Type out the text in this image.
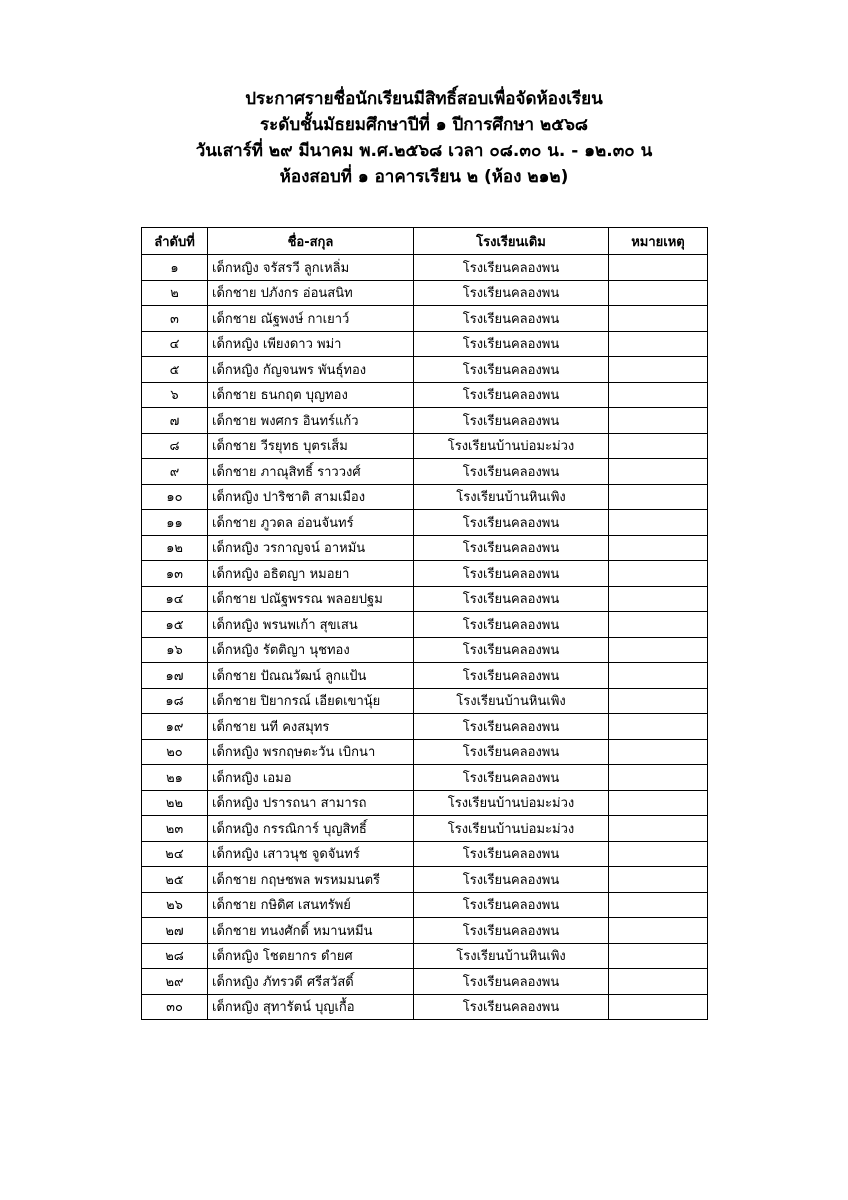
ประกาศรายชื่อนักเรียนมีสิทธิ์สอบเพื่อจัดห้องเรียน
ระดับชั้นมัธยมศึกษาปีที่ ๑ ปีการศึกษา ๒๕๖๘
วันเสาร์ที่ ๒๙ มีนาคม พ.ศ.๒๕๖๘ เวลา ๐๘.๓๐ น. - ๑๒.๓๐ น
ห้องสอบที่ ๑ อาคารเรียน ๒ (ห้อง ๒๑๒)
ลำดับที่	ชื่อ-สกุล	โรงเรียนเดิม	หมายเหตุ
๑	เด็กหญิง จรัสรวี ลูกเหลิ่ม	โรงเรียนคลองพน	
๒	เด็กชาย ปภังกร อ่อนสนิท	โรงเรียนคลองพน	
๓	เด็กชาย ณัฐพงษ์ กาเยาว์	โรงเรียนคลองพน	
๔	เด็กหญิง เพียงดาว พม่า	โรงเรียนคลองพน	
๕	เด็กหญิง กัญจนพร พันธุ์ทอง	โรงเรียนคลองพน	
๖	เด็กชาย ธนกฤต บุญทอง	โรงเรียนคลองพน	
๗	เด็กชาย พงศกร อินทร์แก้ว	โรงเรียนคลองพน	
๘	เด็กชาย วีรยุทธ บุตรเส็ม	โรงเรียนบ้านบ่อมะม่วง	
๙	เด็กชาย ภาณุสิทธิ์ ราววงศ์	โรงเรียนคลองพน	
๑๐	เด็กหญิง ปาริชาติ สามเมือง	โรงเรียนบ้านหินเพิง	
๑๑	เด็กชาย ภูวดล อ่อนจันทร์	โรงเรียนคลองพน	
๑๒	เด็กหญิง วรกาญจน์ อาหมัน	โรงเรียนคลองพน	
๑๓	เด็กหญิง อธิตญา หมอยา	โรงเรียนคลองพน	
๑๔	เด็กชาย ปณัฐพรรณ พลอยปฐม	โรงเรียนคลองพน	
๑๕	เด็กหญิง พรนพเก้า สุขเสน	โรงเรียนคลองพน	
๑๖	เด็กหญิง รัตติญา นุชทอง	โรงเรียนคลองพน	
๑๗	เด็กชาย ปัณณวัฒน์ ลูกแป้น	โรงเรียนคลองพน	
๑๘	เด็กชาย ปิยากรณ์ เอียดเขานุ้ย	โรงเรียนบ้านหินเพิง	
๑๙	เด็กชาย นที คงสมุทร	โรงเรียนคลองพน	
๒๐	เด็กหญิง พรกฤษตะวัน เบิกนา	โรงเรียนคลองพน	
๒๑	เด็กหญิง เอมอ	โรงเรียนคลองพน	
๒๒	เด็กหญิง ปรารถนา สามารถ	โรงเรียนบ้านบ่อมะม่วง	
๒๓	เด็กหญิง กรรณิการ์ บุญสิทธิ์	โรงเรียนบ้านบ่อมะม่วง	
๒๔	เด็กหญิง เสาวนุช จูดจันทร์	โรงเรียนคลองพน	
๒๕	เด็กชาย กฤษชพล พรหมมนตรี	โรงเรียนคลองพน	
๒๖	เด็กชาย กษิดิศ เสนทรัพย์	โรงเรียนคลองพน	
๒๗	เด็กชาย ทนงศักดิ์ หมานหมีน	โรงเรียนคลองพน	
๒๘	เด็กหญิง โชตยากร ดำยศ	โรงเรียนบ้านหินเพิง	
๒๙	เด็กหญิง ภัทรวดี ศรีสวัสดิ์	โรงเรียนคลองพน	
๓๐	เด็กหญิง สุทารัตน์ บุญเกื้อ	โรงเรียนคลองพน	
